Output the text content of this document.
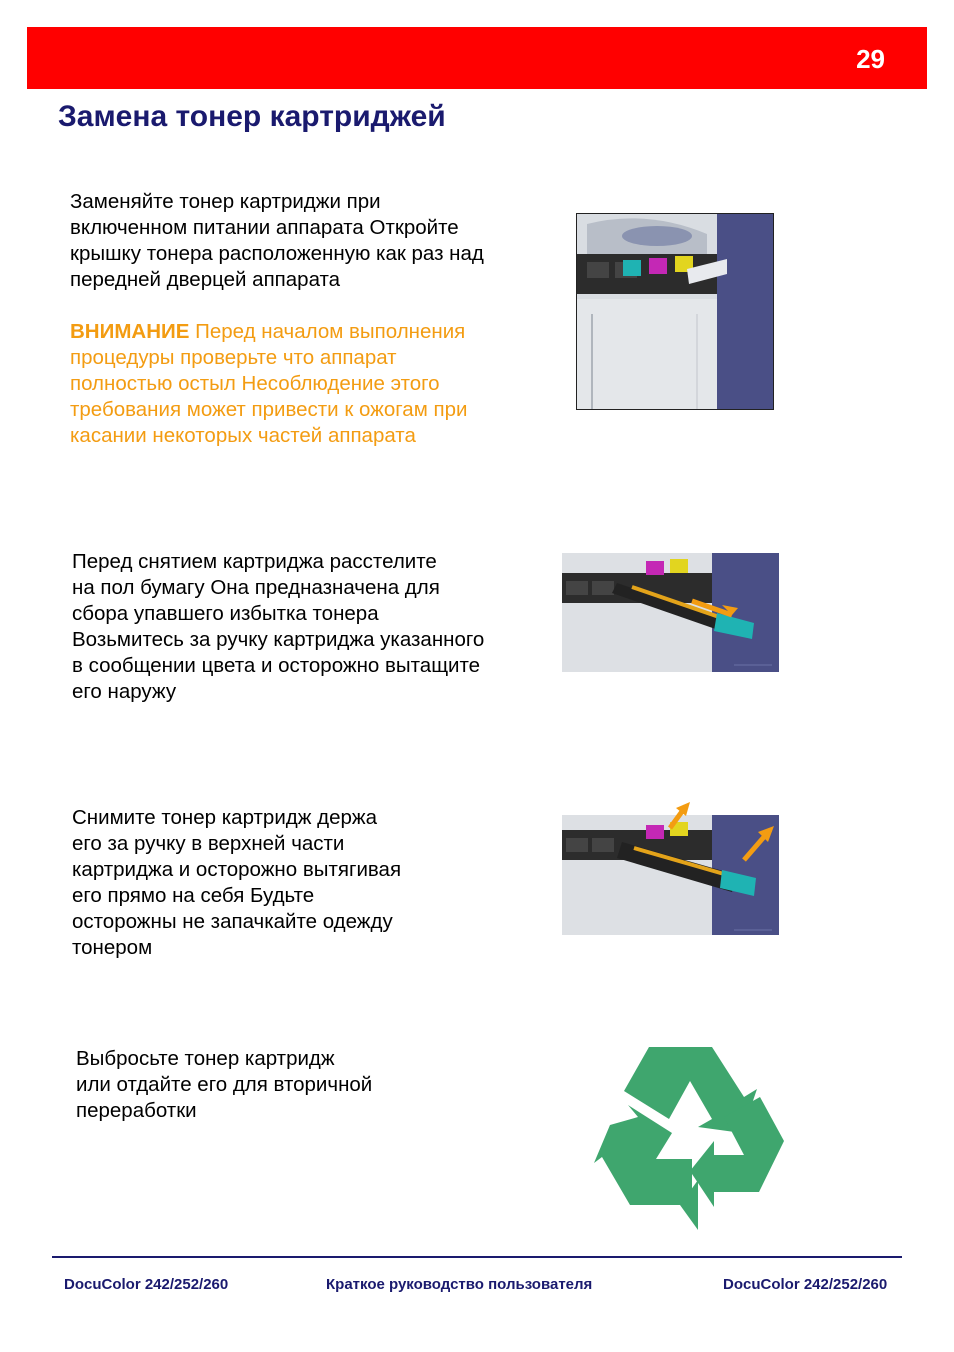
29
Замена тонер картриджей

Заменяйте тонер картриджи при
включенном питании аппарата Откройте
крышку тонера расположенную как раз над
передней дверцей аппарата

ВНИМАНИЕ Перед началом выполнения
процедуры проверьте что аппарат
полностью остыл Несоблюдение этого
требования может привести к ожогам при
касании некоторых частей аппарата

Перед снятием картриджа расстелите
на пол бумагу Она предназначена для
сбора упавшего избытка тонера
Возьмитесь за ручку картриджа указанного
в сообщении цвета и осторожно вытащите
его наружу

Снимите тонер картридж держа
его за ручку в верхней части
картриджа и осторожно вытягивая
его прямо на себя Будьте
осторожны не запачкайте одежду
тонером

Выбросьте тонер картридж
или отдайте его для вторичной
переработки

DocuColor 242/252/260	Краткое руководство пользователя	DocuColor 242/252/260
